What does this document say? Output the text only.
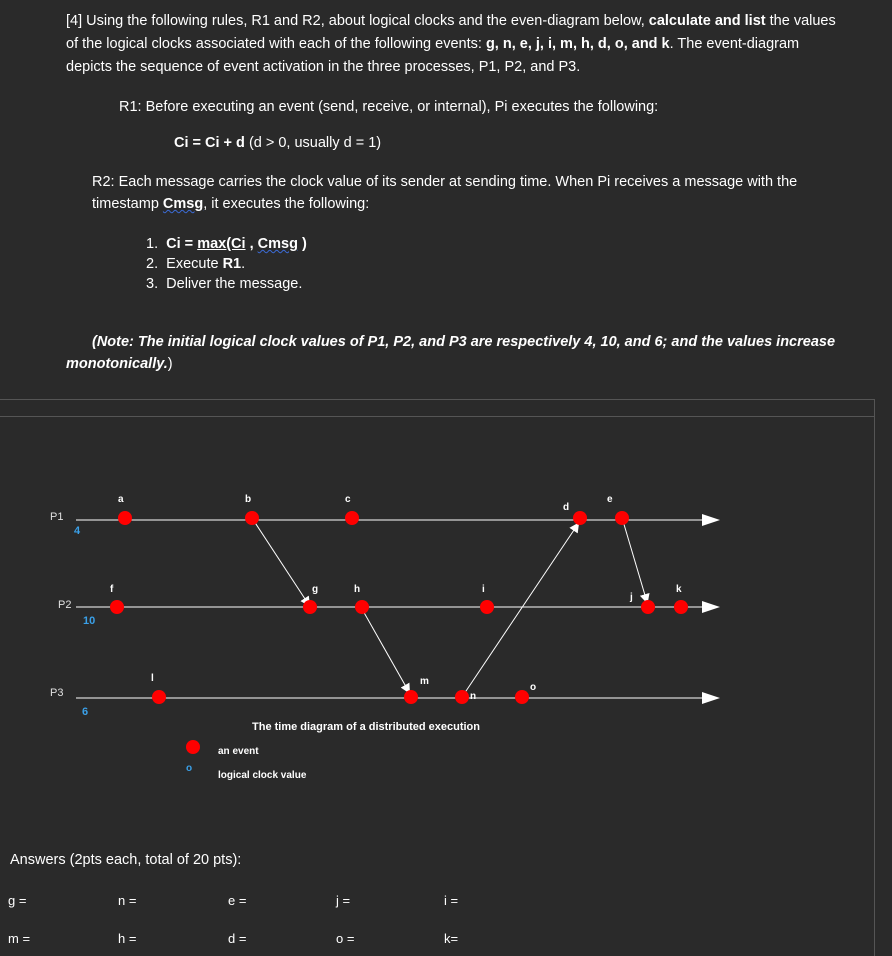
[4] Using the following rules, R1 and R2, about logical clocks and the even-diagram below, calculate and list the values
of the logical clocks associated with each of the following events: g, n, e, j, i, m, h, d, o, and k. The event-diagram
depicts the sequence of event activation in the three processes, P1, P2, and P3.
R1: Before executing an event (send, receive, or internal), Pi executes the following:
Ci = Ci + d (d > 0, usually d = 1)
R2: Each message carries the clock value of its sender at sending time. When Pi receives a message with the
timestamp Cmsg, it executes the following:
1. Ci = max(Ci , Cmsg )
2. Execute R1.
3. Deliver the message.
(Note: The initial logical clock values of P1, P2, and P3 are respectively 4, 10, and 6; and the values increase
monotonically.)
P1
P2
P3
4
10
6
a	b	c
d
e
f	g	h	i
j
k
l	m
n
o
The time diagram of a distributed execution
an event
o
logical clock value
Answers (2pts each, total of 20 pts):
g =	n =	e =	j =	i =
m =	h =	d =	o =	k=
